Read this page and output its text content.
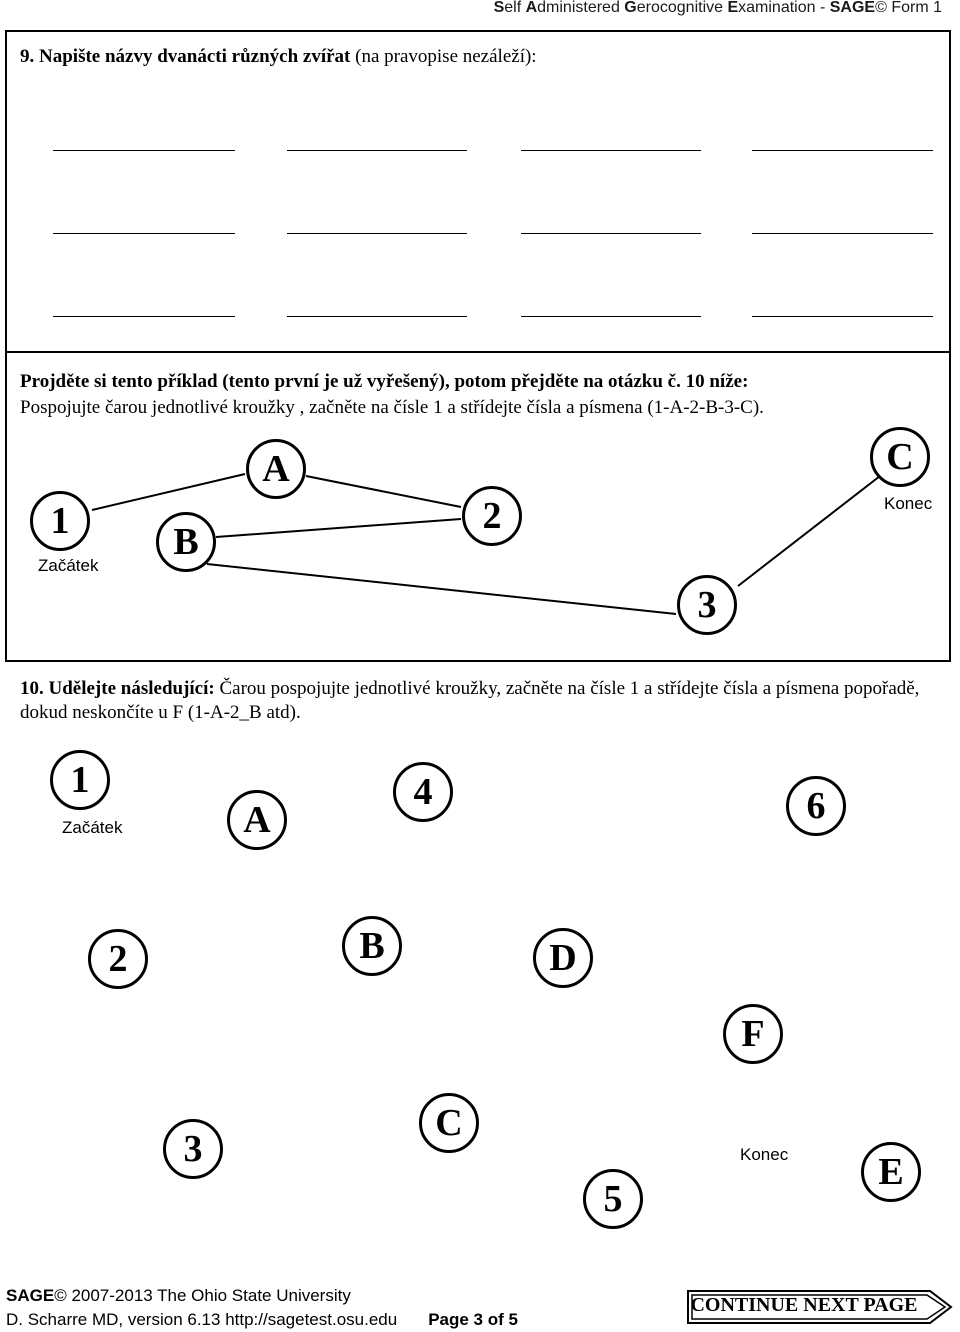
Self Administered Gerocognitive Examination - SAGE© Form 1
9. Napište názvy dvanácti různých zvířat (na pravopise nezáleží):
Projděte si tento příklad (tento první je už vyřešený), potom přejděte na otázku č. 10 níže:
Pospojujte čarou jednotlivé kroužky , začněte na čísle 1 a střídejte čísla a písmena (1-A-2-B-3-C).
1
A
2
B
3
C
Začátek
Konec
10. Udělejte následující: Čarou pospojujte jednotlivé kroužky, začněte na čísle 1 a střídejte čísla a písmena popořadě, dokud neskončíte u F (1-A-2_B atd).
1
A
4	6
2	B	D
F
C
3
5
E
Začátek
Konec
SAGE© 2007-2013 The Ohio State University
D. Scharre MD, version 6.13 http://sagetest.osu.edu Page 3 of 5
CONTINUE NEXT PAGE
